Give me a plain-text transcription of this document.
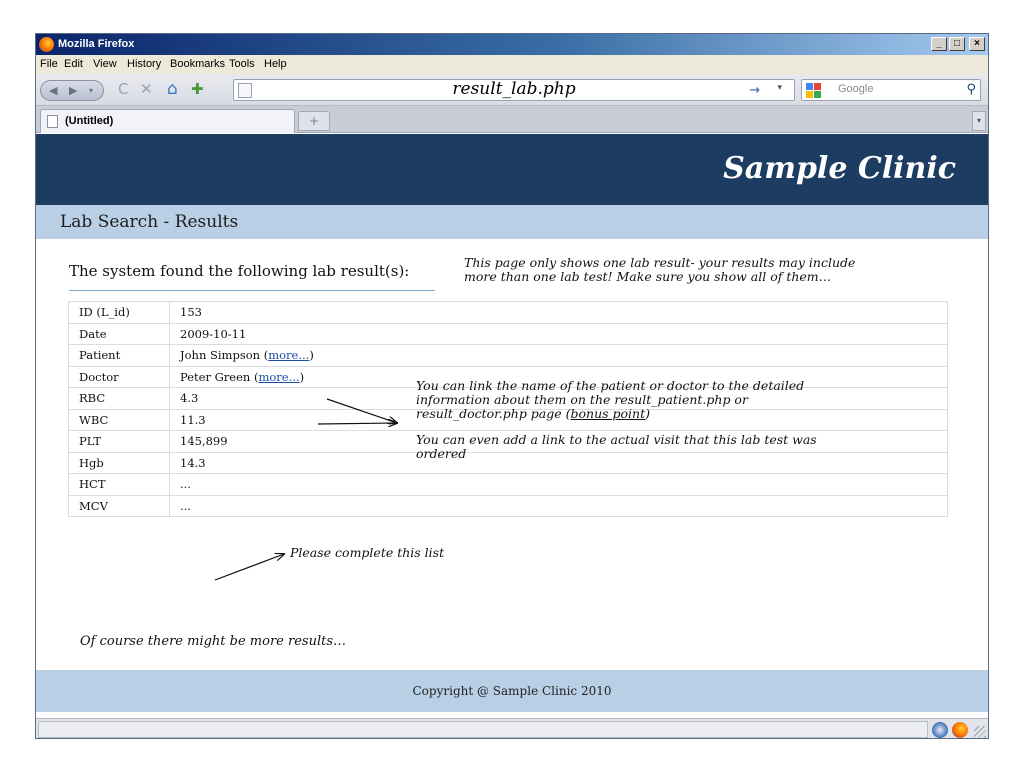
Mozilla Firefox	_	□	×
File Edit View History Bookmarks Tools Help
◀ ▶ ▾ C ✕ ⌂ ✚	result_lab.php	→ ▾	Google	⚲
(Untitled)	+	▾
Sample Clinic
Lab Search - Results
The system found the following lab result(s):	This page only shows one lab result- your results may include
more than one lab test! Make sure you show all of them…
ID (L_id)	153
Date	2009-10-11
Patient	John Simpson (more...)
Doctor	Peter Green (more...)
RBC	4.3
WBC	11.3
PLT	145,899
Hgb	14.3
HCT	...
MCV	...
You can link the name of the patient or doctor to the detailed
information about them on the result_patient.php or
result_doctor.php page (bonus point)
You can even add a link to the actual visit that this lab test was
ordered
Please complete this list
Of course there might be more results…
Copyright @ Sample Clinic 2010
